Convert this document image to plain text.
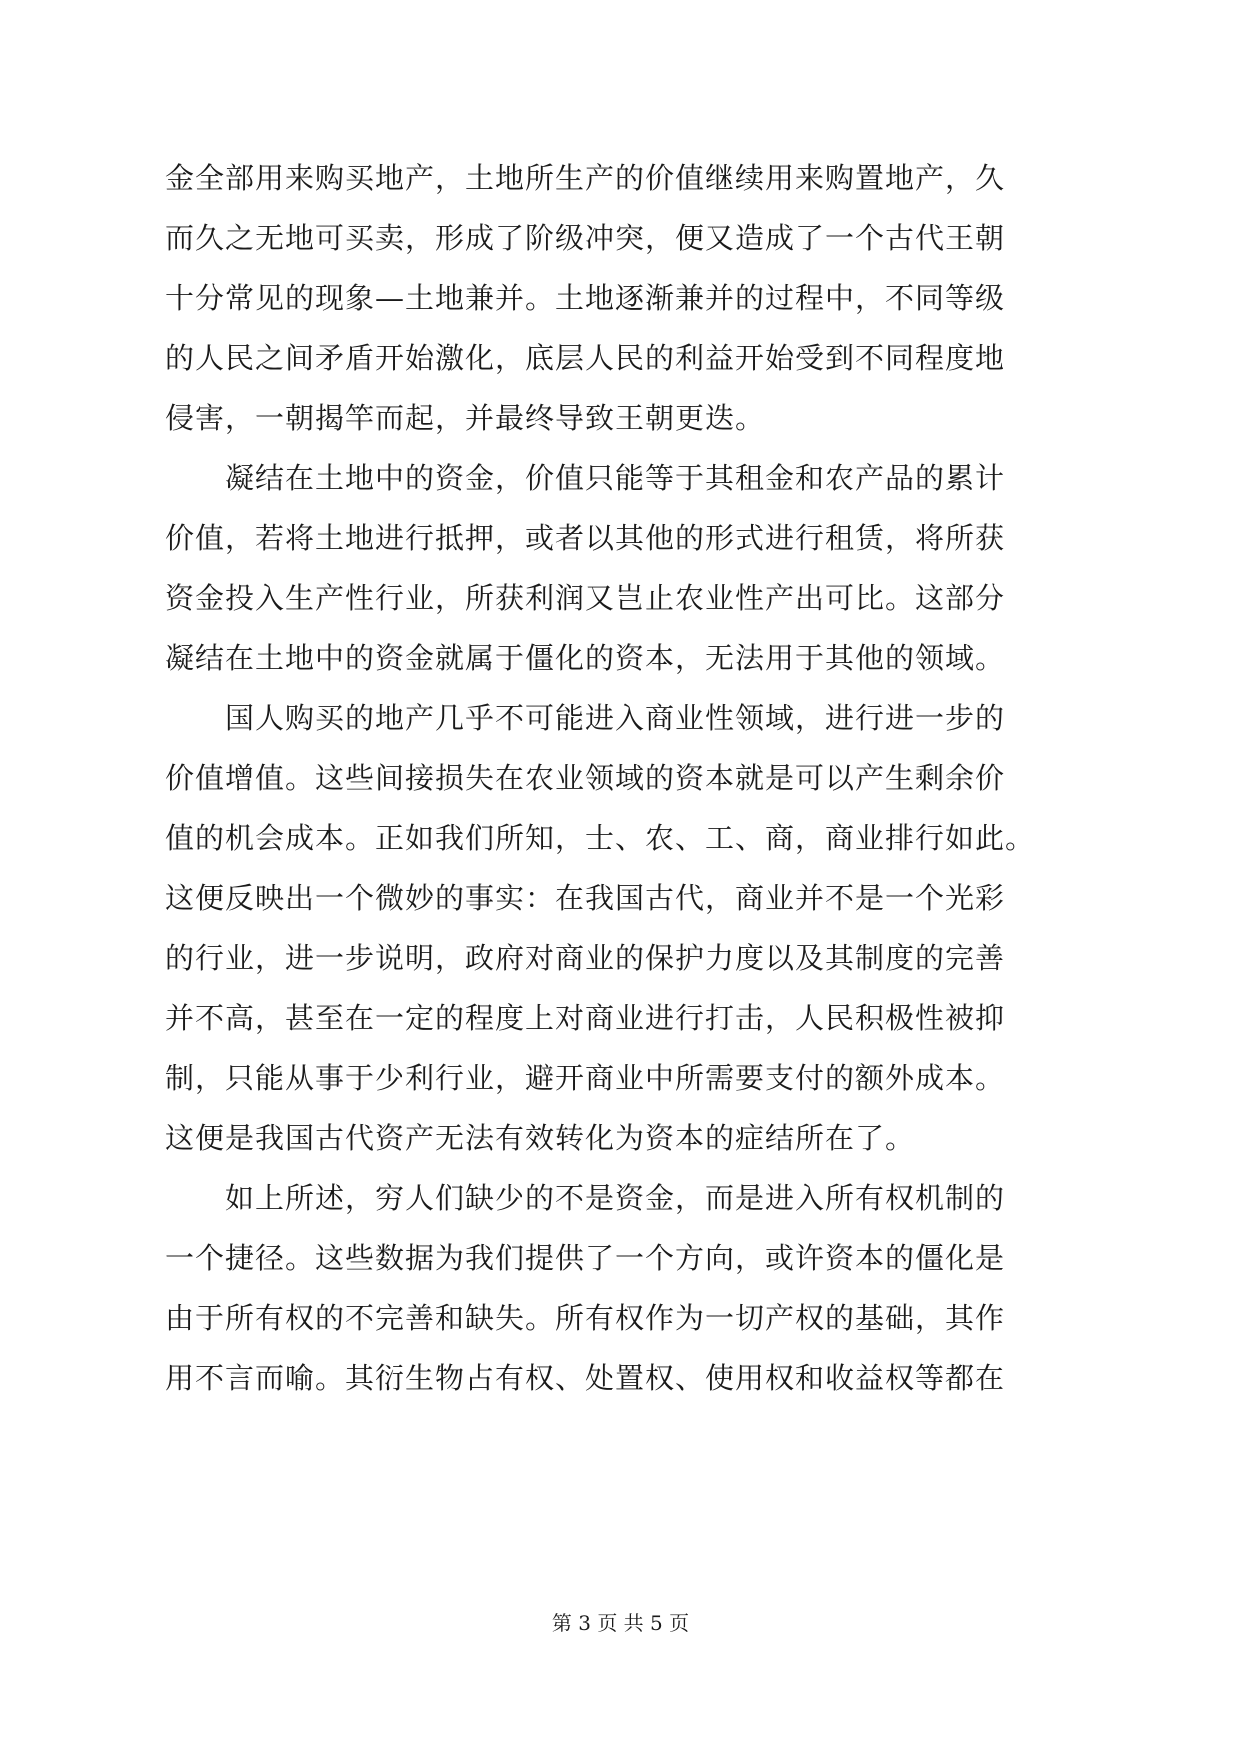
金全部用来购买地产，土地所生产的价值继续用来购置地产，久
而久之无地可买卖，形成了阶级冲突，便又造成了一个古代王朝
十分常见的现象—土地兼并。土地逐渐兼并的过程中，不同等级
的人民之间矛盾开始激化，底层人民的利益开始受到不同程度地
侵害，一朝揭竿而起，并最终导致王朝更迭。
　　凝结在土地中的资金，价值只能等于其租金和农产品的累计
价值，若将土地进行抵押，或者以其他的形式进行租赁，将所获
资金投入生产性行业，所获利润又岂止农业性产出可比。这部分
凝结在土地中的资金就属于僵化的资本，无法用于其他的领域。
　　国人购买的地产几乎不可能进入商业性领域，进行进一步的
价值增值。这些间接损失在农业领域的资本就是可以产生剩余价
值的机会成本。正如我们所知，士、农、工、商，商业排行如此。
这便反映出一个微妙的事实：在我国古代，商业并不是一个光彩
的行业，进一步说明，政府对商业的保护力度以及其制度的完善
并不高，甚至在一定的程度上对商业进行打击，人民积极性被抑
制，只能从事于少利行业，避开商业中所需要支付的额外成本。
这便是我国古代资产无法有效转化为资本的症结所在了。
　　如上所述，穷人们缺少的不是资金，而是进入所有权机制的
一个捷径。这些数据为我们提供了一个方向，或许资本的僵化是
由于所有权的不完善和缺失。所有权作为一切产权的基础，其作
用不言而喻。其衍生物占有权、处置权、使用权和收益权等都在
第 3 页 共 5 页
